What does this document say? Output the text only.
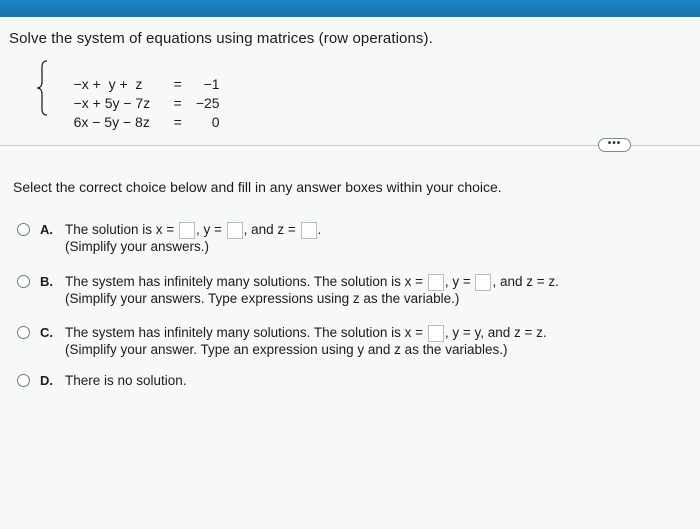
Solve the system of equations using matrices (row operations).

−x +  y +  z = −1

−x + 5y − 7z = −25

6x − 5y − 8z = 0

•••
Select the correct choice below and fill in any answer boxes within your choice.
A. The solution is x = , y = , and z = .
(Simplify your answers.)
B. The system has infinitely many solutions. The solution is x = , y = , and z = z.
(Simplify your answers. Type expressions using z as the variable.)
C. The system has infinitely many solutions. The solution is x = , y = y, and z = z.
(Simplify your answer. Type an expression using y and z as the variables.)
D. There is no solution.
